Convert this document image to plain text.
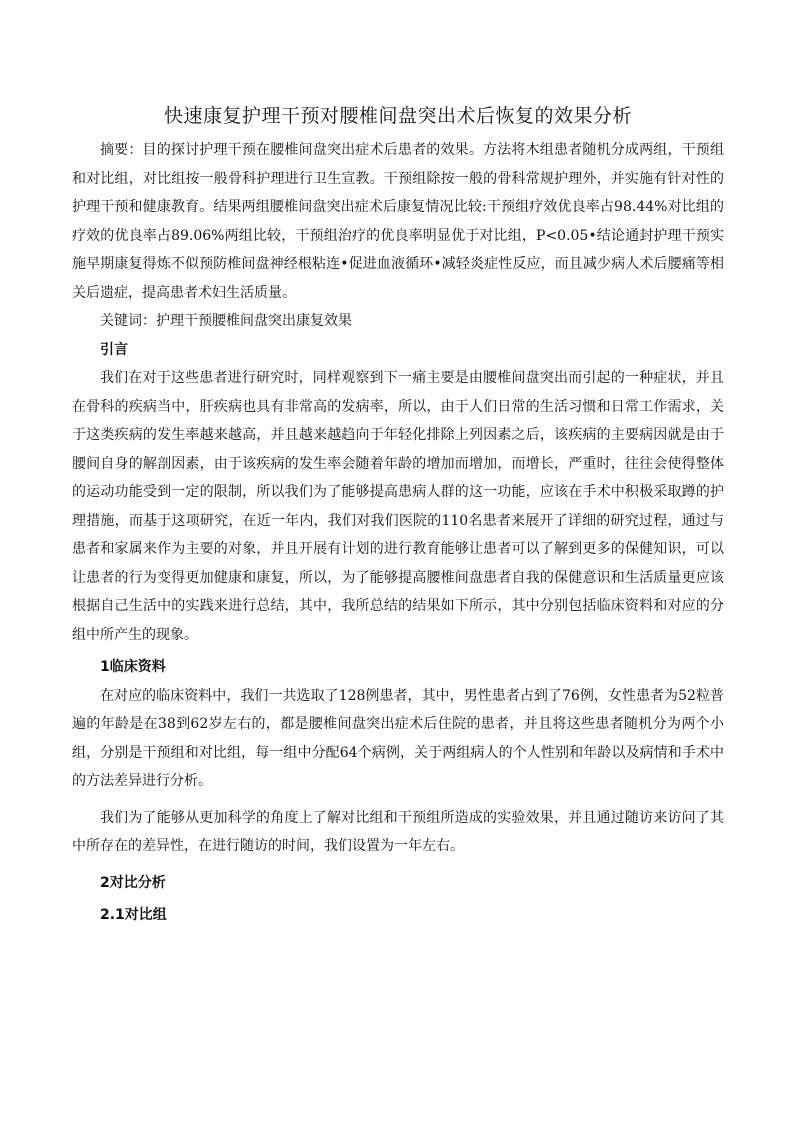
快速康复护理干预对腰椎间盘突出术后恢复的效果分析

摘要：目的探讨护理干预在腰椎间盘突出症术后患者的效果。方法将木组患者随机分成两组，干预组和对比组，对比组按一般骨科护理进行卫生宣教。干预组除按一般的骨科常规护理外，并实施有针对性的护理干预和健康教育。结果两组腰椎间盘突出症术后康复情况比较:干预组疗效优良率占98.44%对比组的疗效的优良率占89.06%两组比较，干预组治疗的优良率明显优于对比组，P<0.05•结论通封护理干预实施早期康复得炼不似预防椎间盘神经根粘连•促进血液循环•减轻炎症性反应，而且减少病人术后腰痛等相关后遗症，提高患者术妇生活质量。

关键词：护理干预腰椎间盘突出康复效果

引言

我们在对于这些患者进行研究时，同样观察到下一痛主要是由腰椎间盘突出而引起的一种症状，并且在骨科的疾病当中，肝疾病也具有非常高的发病率，所以，由于人们日常的生活习惯和日常工作需求，关于这类疾病的发生率越来越高，并且越来越趋向于年轻化排除上列因素之后，该疾病的主要病因就是由于腰间自身的解剖因素，由于该疾病的发生率会随着年龄的增加而增加，而增长，严重时，往往会使得整体的运动功能受到一定的限制，所以我们为了能够提高患病人群的这一功能，应该在手术中积极采取蹲的护理措施，而基于这项研究，在近一年内，我们对我们医院的110名患者来展开了详细的研究过程，通过与患者和家属来作为主要的对象，并且开展有计划的进行教育能够让患者可以了解到更多的保健知识，可以让患者的行为变得更加健康和康复，所以，为了能够提高腰椎间盘患者自我的保健意识和生活质量更应该根据自己生活中的实践来进行总结，其中，我所总结的结果如下所示，其中分别包括临床资料和对应的分组中所产生的现象。

1临床资料

在对应的临床资料中，我们一共选取了128例患者，其中，男性患者占到了76例，女性患者为52粒普遍的年龄是在38到62岁左右的，都是腰椎间盘突出症术后住院的患者，并且将这些患者随机分为两个小组，分别是干预组和对比组，每一组中分配64个病例，关于两组病人的个人性别和年龄以及病情和手术中的方法差异进行分析。

我们为了能够从更加科学的角度上了解对比组和干预组所造成的实验效果，并且通过随访来访问了其中所存在的差异性，在进行随访的时间，我们设置为一年左右。

2对比分析

2.1对比组
